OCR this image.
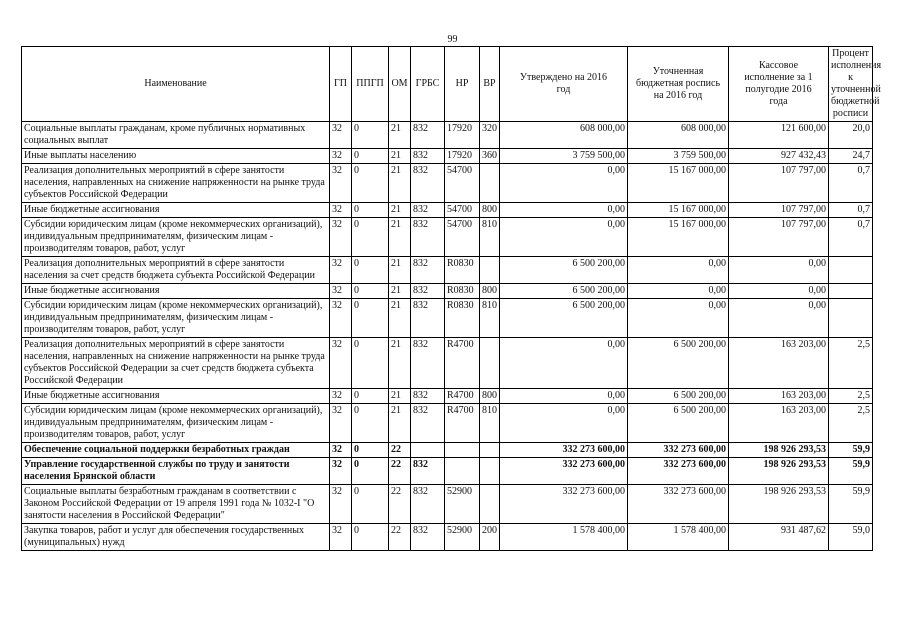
99
Наименование	ГП	ППГП	ОМ	ГРБС	НР	ВР	Утверждено на 2016 год	Уточненная бюджетная роспись на 2016 год	Кассовое исполнение за 1 полугодие 2016 года	Процент исполнения к уточненной бюджетной росписи
Социальные выплаты гражданам, кроме публичных нормативных социальных выплат	32	0	21	832	17920	320	608 000,00	608 000,00	121 600,00	20,0
Иные выплаты населению	32	0	21	832	17920	360	3 759 500,00	3 759 500,00	927 432,43	24,7
Реализация дополнительных мероприятий в сфере занятости населения, направленных на снижение напряженности на рынке труда субъектов Российской Федерации	32	0	21	832	54700		0,00	15 167 000,00	107 797,00	0,7
Иные бюджетные ассигнования	32	0	21	832	54700	800	0,00	15 167 000,00	107 797,00	0,7
Субсидии юридическим лицам (кроме некоммерческих организаций), индивидуальным предпринимателям, физическим лицам - производителям товаров, работ, услуг	32	0	21	832	54700	810	0,00	15 167 000,00	107 797,00	0,7
Реализация дополнительных мероприятий в сфере занятости населения за счет средств бюджета субъекта Российской Федерации	32	0	21	832	R0830		6 500 200,00	0,00	0,00	
Иные бюджетные ассигнования	32	0	21	832	R0830	800	6 500 200,00	0,00	0,00	
Субсидии юридическим лицам (кроме некоммерческих организаций), индивидуальным предпринимателям, физическим лицам - производителям товаров, работ, услуг	32	0	21	832	R0830	810	6 500 200,00	0,00	0,00	
Реализация дополнительных мероприятий в сфере занятости населения, направленных на снижение напряженности на рынке труда субъектов Российской Федерации за счет средств бюджета субъекта Российской Федерации	32	0	21	832	R4700		0,00	6 500 200,00	163 203,00	2,5
Иные бюджетные ассигнования	32	0	21	832	R4700	800	0,00	6 500 200,00	163 203,00	2,5
Субсидии юридическим лицам (кроме некоммерческих организаций), индивидуальным предпринимателям, физическим лицам - производителям товаров, работ, услуг	32	0	21	832	R4700	810	0,00	6 500 200,00	163 203,00	2,5
Обеспечение социальной поддержки безработных граждан	32	0	22				332 273 600,00	332 273 600,00	198 926 293,53	59,9
Управление государственной службы по труду и занятости населения Брянской области	32	0	22	832			332 273 600,00	332 273 600,00	198 926 293,53	59,9
Социальные выплаты безработным гражданам в соответствии с Законом Российской Федерации от 19 апреля 1991 года № 1032-I "О занятости населения в Российской Федерации"	32	0	22	832	52900		332 273 600,00	332 273 600,00	198 926 293,53	59,9
Закупка товаров, работ и услуг для обеспечения государственных (муниципальных) нужд	32	0	22	832	52900	200	1 578 400,00	1 578 400,00	931 487,62	59,0
